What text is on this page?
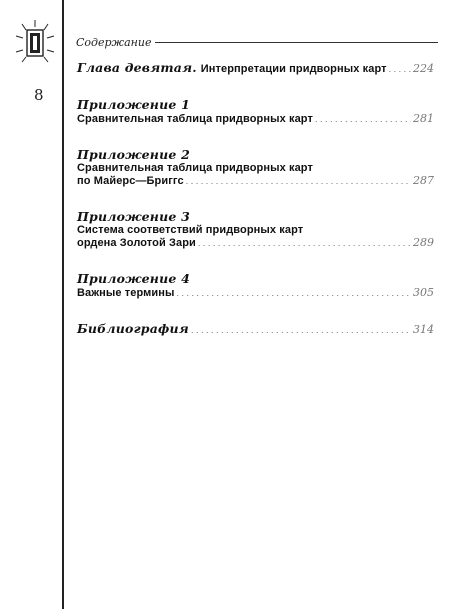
8
Содержание
Глава девятая. Интерпретации придворных карт . . . 224
Приложение 1
Сравнительная таблица придворных карт . . .	281
Приложение 2
Сравнительная таблица придворных карт
по Майерс—Бриггс . . .	287
Приложение 3
Система соответствий придворных карт
ордена Золотой Зари . . .	289
Приложение 4
Важные термины . . .	305
Библиография . . .	314
